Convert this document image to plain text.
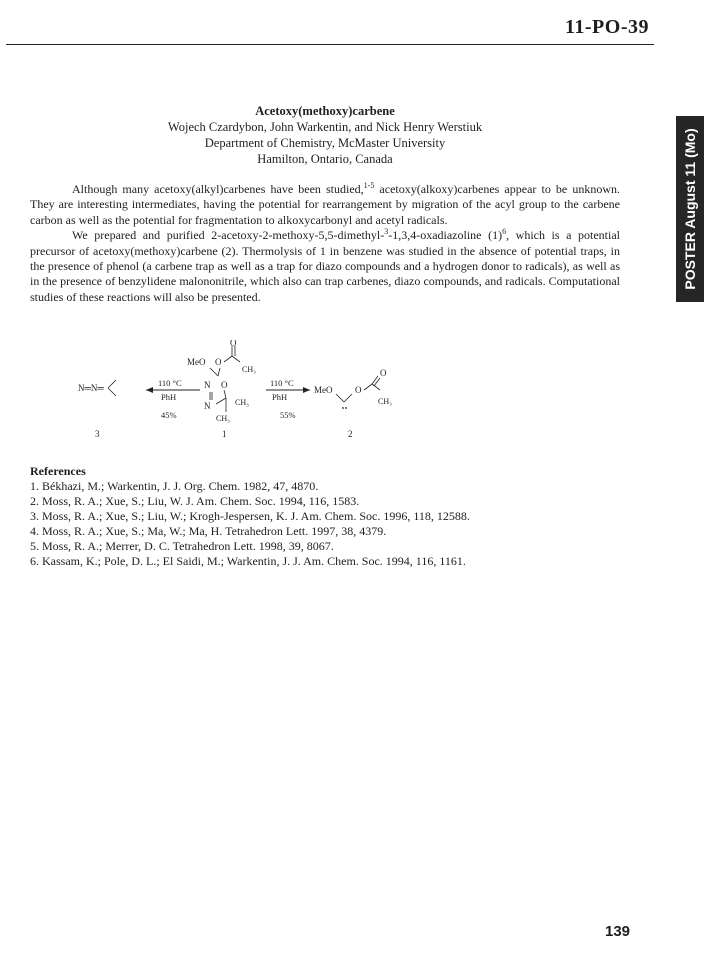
11-PO-39
POSTER August 11 (Mo)
Acetoxy(methoxy)carbene
Wojech Czardybon, John Warkentin, and Nick Henry Werstiuk
Department of Chemistry, McMaster University
Hamilton, Ontario, Canada

Although many acetoxy(alkyl)carbenes have been studied,$^{1-5}$ acetoxy(alkoxy)carbenes appear to be unknown. They are interesting intermediates, having the potential for rearrangement by migration of the acyl group to the carbene carbon as well as the potential for fragmentation to alkoxycarbonyl and acetyl radicals.

We prepared and purified 2-acetoxy-2-methoxy-5,5-dimethyl-$^3$-1,3,4-oxadiazoline $(1)^6$, which is a potential precursor of acetoxy(methoxy)carbene (2). Thermolysis of 1 in benzene was studied in the absence of potential traps, in the presence of phenol (a carbene trap as well as a trap for diazo compounds and a hydrogen donor to radicals), as well as in the presence of benzylidene malononitrile, which also can trap carbenes, diazo compounds, and radicals. Computational studies of these reactions will also be presented.

N═N═	110 °C
PhH
45%
MeO O
O
CH₃
N O
N	CH₃
CH₃
110 °C
PhH
55%
MeO	O
O
CH₃
3	1	2
References
1. Békhazi, M.; Warkentin, J. J. Org. Chem. 1982, 47, 4870.
2. Moss, R. A.; Xue, S.; Liu, W. J. Am. Chem. Soc. 1994, 116, 1583.
3. Moss, R. A.; Xue, S.; Liu, W.; Krogh-Jespersen, K. J. Am. Chem. Soc. 1996, 118, 12588.
4. Moss, R. A.; Xue, S.; Ma, W.; Ma, H. Tetrahedron Lett. 1997, 38, 4379.
5. Moss, R. A.; Merrer, D. C. Tetrahedron Lett. 1998, 39, 8067.
6. Kassam, K.; Pole, D. L.; El Saidi, M.; Warkentin, J. J. Am. Chem. Soc. 1994, 116, 1161.
139
